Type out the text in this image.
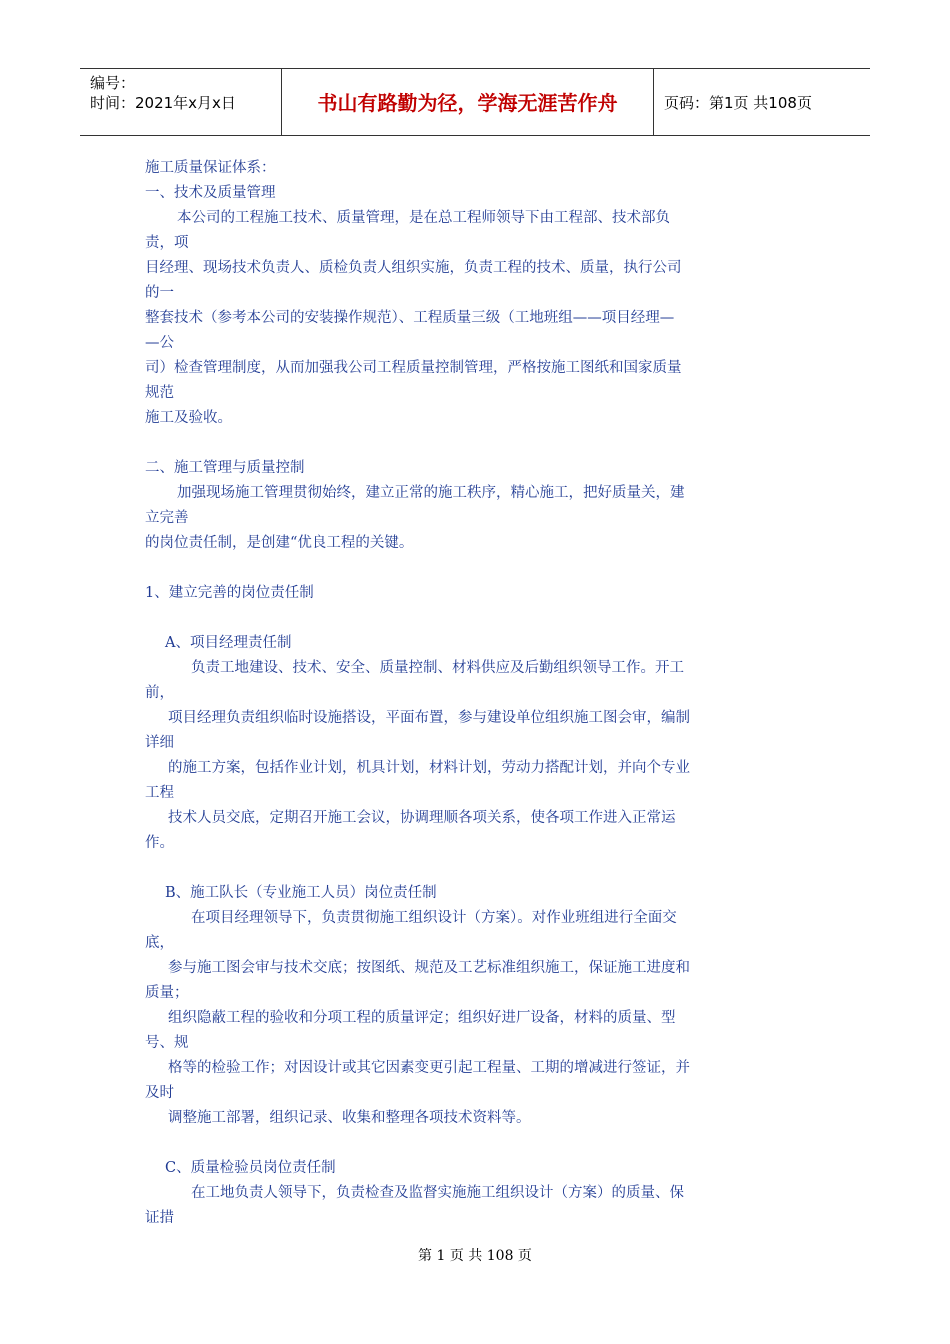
编号：
时间：2021年x月x日	书山有路勤为径，学海无涯苦作舟	页码：第1页 共108页
施工质量保证体系：
一、技术及质量管理
本公司的工程施工技术、质量管理，是在总工程师领导下由工程部、技术部负
责，项
目经理、现场技术负责人、质检负责人组织实施，负责工程的技术、质量，执行公司
的一
整套技术（参考本公司的安装操作规范）、工程质量三级（工地班组——项目经理—
—公
司）检查管理制度，从而加强我公司工程质量控制管理，严格按施工图纸和国家质量
规范
施工及验收。
二、施工管理与质量控制
加强现场施工管理贯彻始终，建立正常的施工秩序，精心施工，把好质量关，建
立完善
的岗位责任制，是创建“优良工程的关键。
1、建立完善的岗位责任制
A、项目经理责任制
负责工地建设、技术、安全、质量控制、材料供应及后勤组织领导工作。开工
前，
项目经理负责组织临时设施搭设，平面布置，参与建设单位组织施工图会审，编制
详细
的施工方案，包括作业计划，机具计划，材料计划，劳动力搭配计划，并向个专业
工程
技术人员交底，定期召开施工会议，协调理顺各项关系，使各项工作进入正常运
作。
B、施工队长（专业施工人员）岗位责任制
在项目经理领导下，负责贯彻施工组织设计（方案）。对作业班组进行全面交
底，
参与施工图会审与技术交底；按图纸、规范及工艺标准组织施工，保证施工进度和
质量；
组织隐蔽工程的验收和分项工程的质量评定；组织好进厂设备，材料的质量、型
号、规
格等的检验工作；对因设计或其它因素变更引起工程量、工期的增减进行签证，并
及时
调整施工部署，组织记录、收集和整理各项技术资料等。
C、质量检验员岗位责任制
在工地负责人领导下，负责检查及监督实施施工组织设计（方案）的质量、保
证措
第 1 页 共 108 页
